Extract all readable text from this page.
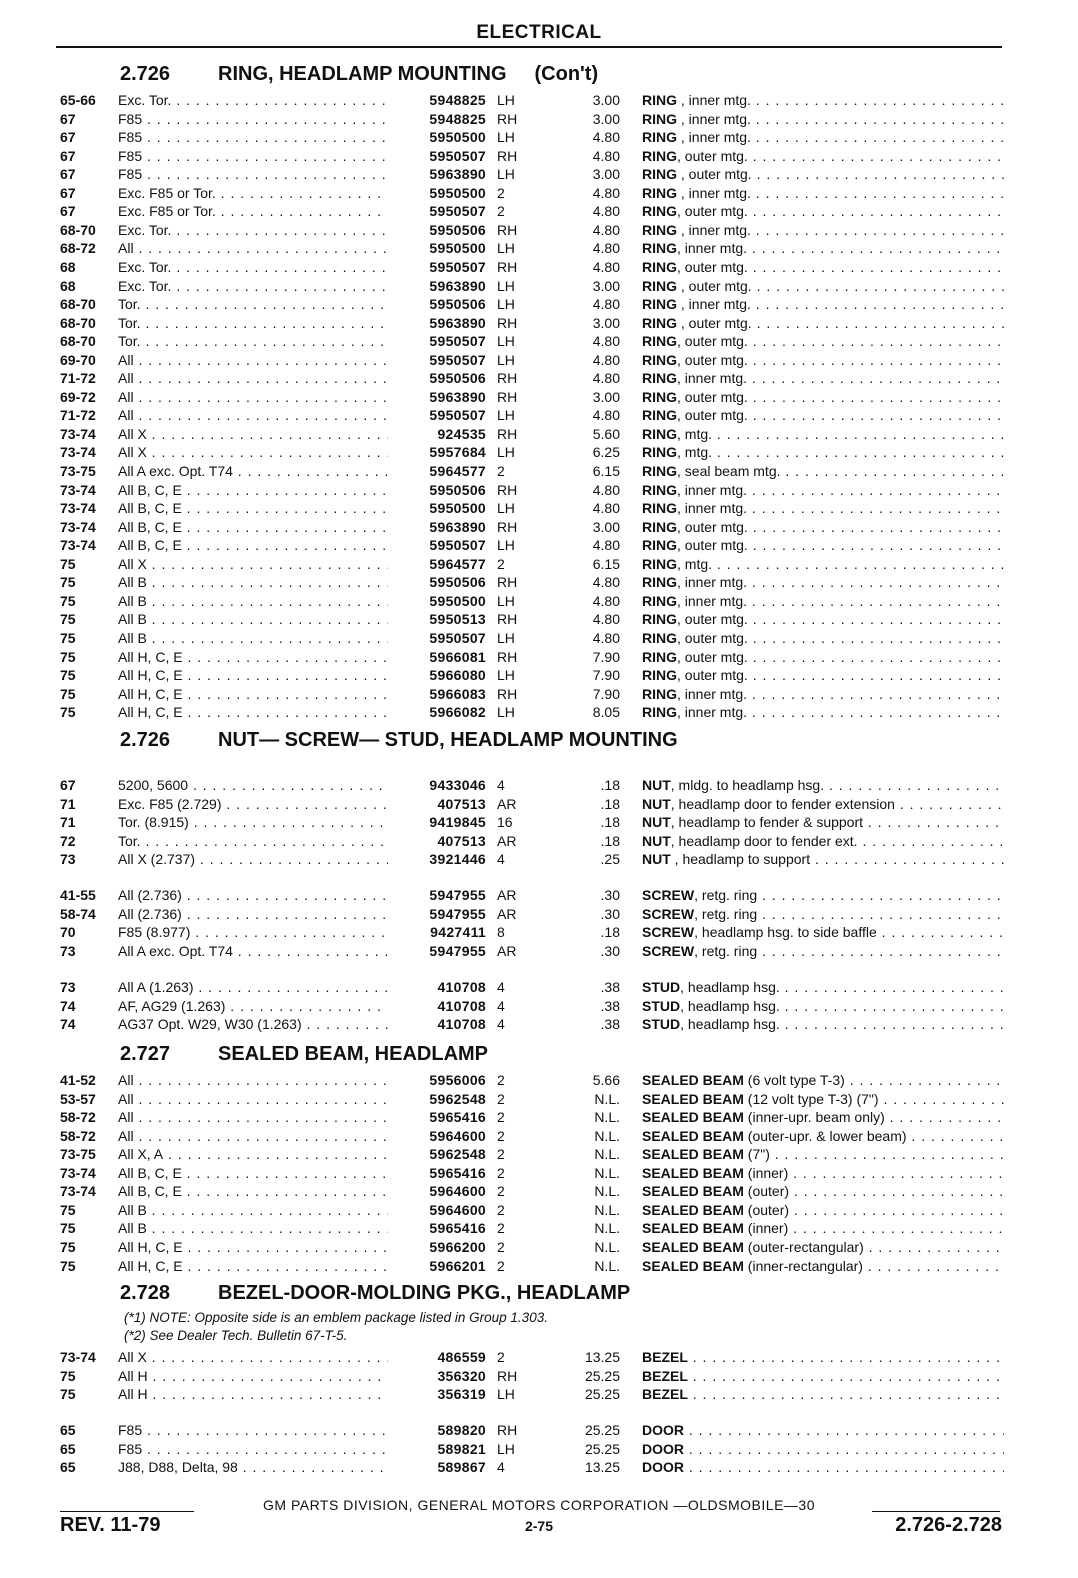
ELECTRICAL
2.726 RING, HEADLAMP MOUNTING (Con't)
2.726 NUT— SCREW— STUD, HEADLAMP MOUNTING
2.727 SEALED BEAM, HEADLAMP
2.728 BEZEL-DOOR-MOLDING PKG., HEADLAMP
(*1) NOTE: Opposite side is an emblem package listed in Group 1.303.
(*2) See Dealer Tech. Bulletin 67-T-5.
65-66 Exc. Tor. . . .	5948825 LH	3.00 RING , inner mtg. . . .
67	F85 . . .	5948825 RH	3.00 RING , inner mtg. . . .
67	F85 . . .	5950500 LH	4.80 RING , inner mtg. . . .
67	F85 . . .	5950507 RH	4.80 RING, outer mtg. . . .
67	F85 . . .	5963890 LH	3.00 RING , outer mtg. . . .
67	Exc. F85 or Tor. . . .	5950500 2	4.80 RING , inner mtg. . . .
67	Exc. F85 or Tor. . . .	5950507 2	4.80 RING, outer mtg. . . .
68-70 Exc. Tor. . . .	5950506 RH	4.80 RING , inner mtg. . . .
68-72 All . . .	5950500 LH	4.80 RING, inner mtg. . . .
68	Exc. Tor. . . .	5950507 RH	4.80 RING, outer mtg. . . .
68	Exc. Tor. . . .	5963890 LH	3.00 RING , outer mtg. . . .
68-70 Tor. . . .	5950506 LH	4.80 RING , inner mtg. . . .
68-70 Tor. . . .	5963890 RH	3.00 RING , outer mtg. . . .
68-70 Tor. . . .	5950507 LH	4.80 RING, outer mtg. . . .
69-70 All . . .	5950507 LH	4.80 RING, outer mtg. . . .
71-72 All . . .	5950506 RH	4.80 RING, inner mtg. . . .
69-72 All . . .	5963890 RH	3.00 RING, outer mtg. . . .
71-72 All . . .	5950507 LH	4.80 RING, outer mtg. . . .
73-74 All X . . .	924535 RH	5.60 RING, mtg. . . .
73-74 All X . . .	5957684 LH	6.25 RING, mtg. . . .
73-75 All A exc. Opt. T74 . . .	5964577 2	6.15 RING, seal beam mtg. . . .
73-74 All B, C, E . . .	5950506 RH	4.80 RING, inner mtg. . . .
73-74 All B, C, E . . .	5950500 LH	4.80 RING, inner mtg. . . .
73-74 All B, C, E . . .	5963890 RH	3.00 RING, outer mtg. . . .
73-74 All B, C, E . . .	5950507 LH	4.80 RING, outer mtg. . . .
75	All X . . .	5964577 2	6.15 RING, mtg. . . .
75	All B . . .	5950506 RH	4.80 RING, inner mtg. . . .
75	All B . . .	5950500 LH	4.80 RING, inner mtg. . . .
75	All B . . .	5950513 RH	4.80 RING, outer mtg. . . .
75	All B . . .	5950507 LH	4.80 RING, outer mtg. . . .
75	All H, C, E . . .	5966081 RH	7.90 RING, outer mtg. . . .
75	All H, C, E . . .	5966080 LH	7.90 RING, outer mtg. . . .
75	All H, C, E . . .	5966083 RH	7.90 RING, inner mtg. . . .
75	All H, C, E . . .	5966082 LH	8.05 RING, inner mtg. . . .
67	5200, 5600 . . .	9433046 4	.18 NUT, mldg. to headlamp hsg. . . .
71	Exc. F85 (2.729) . . .	407513 AR	.18 NUT, headlamp door to fender extension . . .
71	Tor. (8.915) . . .	9419845 16	.18 NUT, headlamp to fender & support . . .
72	Tor. . . .	407513 AR	.18 NUT, headlamp door to fender ext. . . .
73	All X (2.737) . . .	3921446 4	.25 NUT , headlamp to support . . .
41-55 All (2.736) . . .	5947955 AR	.30 SCREW, retg. ring . . .
58-74 All (2.736) . . .	5947955 AR	.30 SCREW, retg. ring . . .
70	F85 (8.977) . . .	9427411 8	.18 SCREW, headlamp hsg. to side baffle . . .
73	All A exc. Opt. T74 . . .	5947955 AR	.30 SCREW, retg. ring . . .
73	All A (1.263) . . .	410708 4	.38 STUD, headlamp hsg. . . .
74	AF, AG29 (1.263) . . .	410708 4	.38 STUD, headlamp hsg. . . .
74	AG37 Opt. W29, W30 (1.263) . . .	410708 4	.38 STUD, headlamp hsg. . . .
41-52 All . . .	5956006 2	5.66 SEALED BEAM (6 volt type T-3) . . .
53-57 All . . .	5962548 2	N.L. SEALED BEAM (12 volt type T-3) (7") . . .
58-72 All . . .	5965416 2	N.L. SEALED BEAM (inner-upr. beam only) . . .
58-72 All . . .	5964600 2	N.L. SEALED BEAM (outer-upr. & lower beam) . . .
73-75 All X, A . . .	5962548 2	N.L. SEALED BEAM (7") . . .
73-74 All B, C, E . . .	5965416 2	N.L. SEALED BEAM (inner) . . .
73-74 All B, C, E . . .	5964600 2	N.L. SEALED BEAM (outer) . . .
75	All B . . .	5964600 2	N.L. SEALED BEAM (outer) . . .
75	All B . . .	5965416 2	N.L. SEALED BEAM (inner) . . .
75	All H, C, E . . .	5966200 2	N.L. SEALED BEAM (outer-rectangular) . . .
75	All H, C, E . . .	5966201 2	N.L. SEALED BEAM (inner-rectangular) . . .
73-74 All X . . .	486559 2	13.25 BEZEL . . .
75	All H . . .	356320 RH	25.25 BEZEL . . .
75	All H . . .	356319 LH	25.25 BEZEL . . .
65	F85 . . .	589820 RH	25.25 DOOR . . .
65	F85 . . .	589821 LH	25.25 DOOR . . .
65	J88, D88, Delta, 98 . . .	589867 4	13.25 DOOR . . .
GM PARTS DIVISION, GENERAL MOTORS CORPORATION —OLDSMOBILE—30
REV. 11-79	2-75	2.726-2.728
